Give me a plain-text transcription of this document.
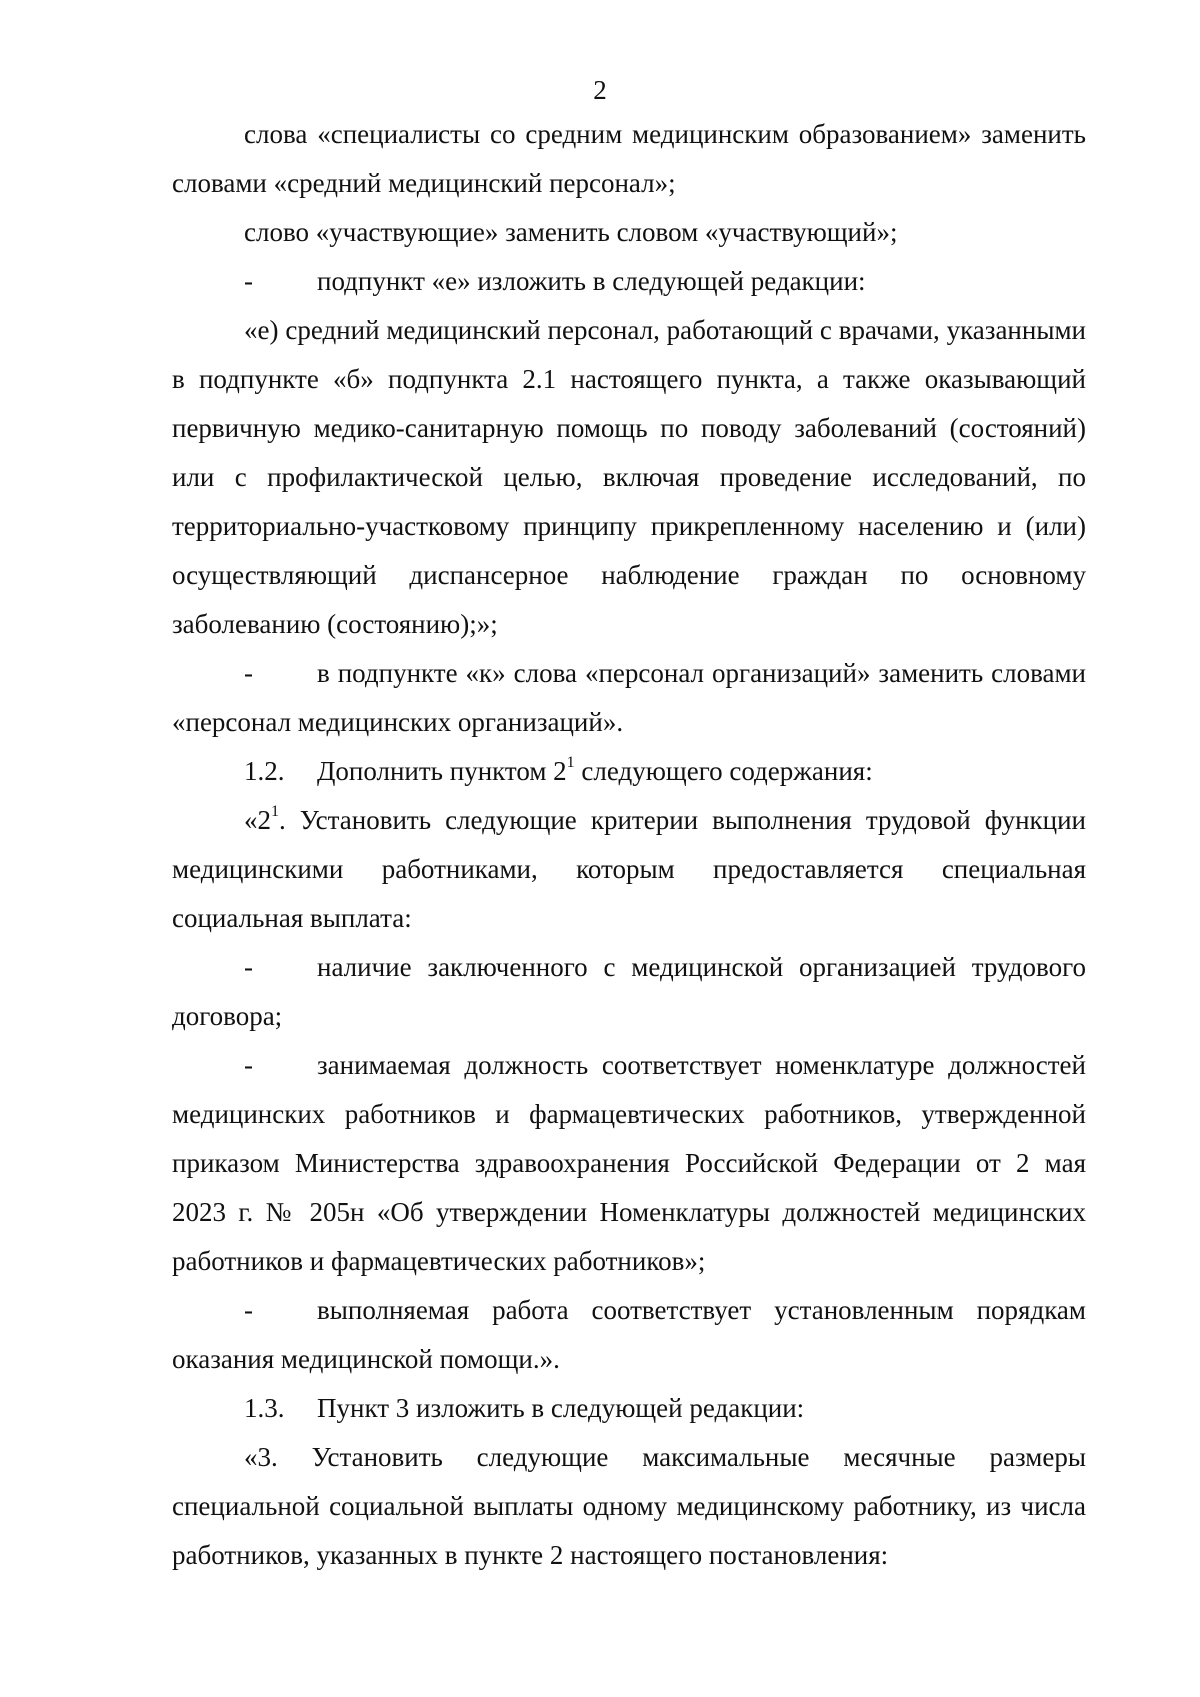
2

слова «специалисты со средним медицинским образованием» заменить словами «средний медицинский персонал»;

слово «участвующие» заменить словом «участвующий»;

- подпункт «е» изложить в следующей редакции:

«е) средний медицинский персонал, работающий с врачами, указанными в подпункте «б» подпункта 2.1 настоящего пункта, а также оказывающий первичную медико-санитарную помощь по поводу заболеваний (состояний) или с профилактической целью, включая проведение исследований, по территориально-участковому принципу прикрепленному населению и (или) осуществляющий диспансерное наблюдение граждан по основному заболеванию (состоянию);»;

- в подпункте «к» слова «персонал организаций» заменить словами «персонал медицинских организаций».

1.2. Дополнить пунктом $2^1$ следующего содержания:

«$2^1$. Установить следующие критерии выполнения трудовой функции медицинскими работниками, которым предоставляется специальная социальная выплата:

- наличие заключенного с медицинской организацией трудового договора;

- занимаемая должность соответствует номенклатуре должностей медицинских работников и фармацевтических работников, утвержденной приказом Министерства здравоохранения Российской Федерации от 2 мая 2023 г. № 205н «Об утверждении Номенклатуры должностей медицинских работников и фармацевтических работников»;

- выполняемая работа соответствует установленным порядкам оказания медицинской помощи.».

1.3. Пункт 3 изложить в следующей редакции:

«3. Установить следующие максимальные месячные размеры специальной социальной выплаты одному медицинскому работнику, из числа работников, указанных в пункте 2 настоящего постановления:
